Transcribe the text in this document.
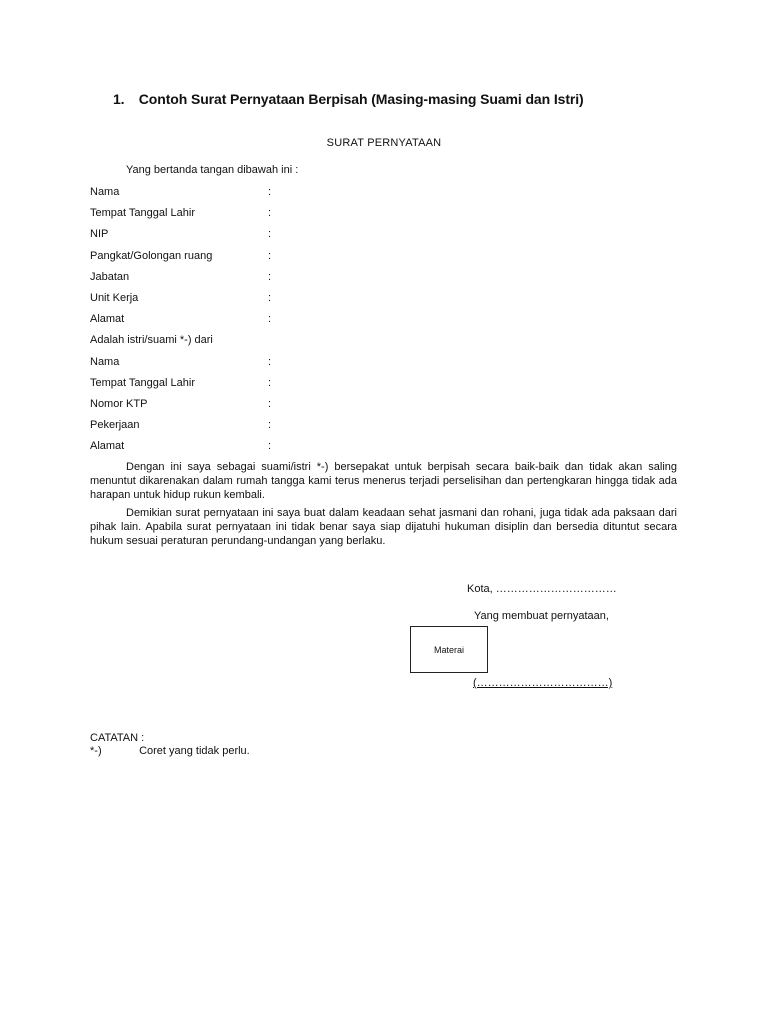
1. Contoh Surat Pernyataan Berpisah (Masing-masing Suami dan Istri)
SURAT PERNYATAAN
Yang bertanda tangan dibawah ini :
Nama	:
Tempat Tanggal Lahir	:
NIP	:
Pangkat/Golongan ruang	:
Jabatan	:
Unit Kerja	:
Alamat	:
Adalah istri/suami *-) dari
Nama	:
Tempat Tanggal Lahir	:
Nomor KTP	:
Pekerjaan	:
Alamat	:
Dengan ini saya sebagai suami/istri *-) bersepakat untuk berpisah secara baik-baik dan tidak akan saling menuntut dikarenakan dalam rumah tangga kami terus menerus terjadi perselisihan dan pertengkaran hingga tidak ada harapan untuk hidup rukun kembali.
Demikian surat pernyataan ini saya buat dalam keadaan sehat jasmani dan rohani, juga tidak ada paksaan dari pihak lain. Apabila surat pernyataan ini tidak benar saya siap dijatuhi hukuman disiplin dan bersedia dituntut secara hukum sesuai peraturan perundang-undangan yang berlaku.
Kota, ……………………………
Yang membuat pernyataan,
Materai
(………………………………)
CATATAN :
*-)	Coret yang tidak perlu.
